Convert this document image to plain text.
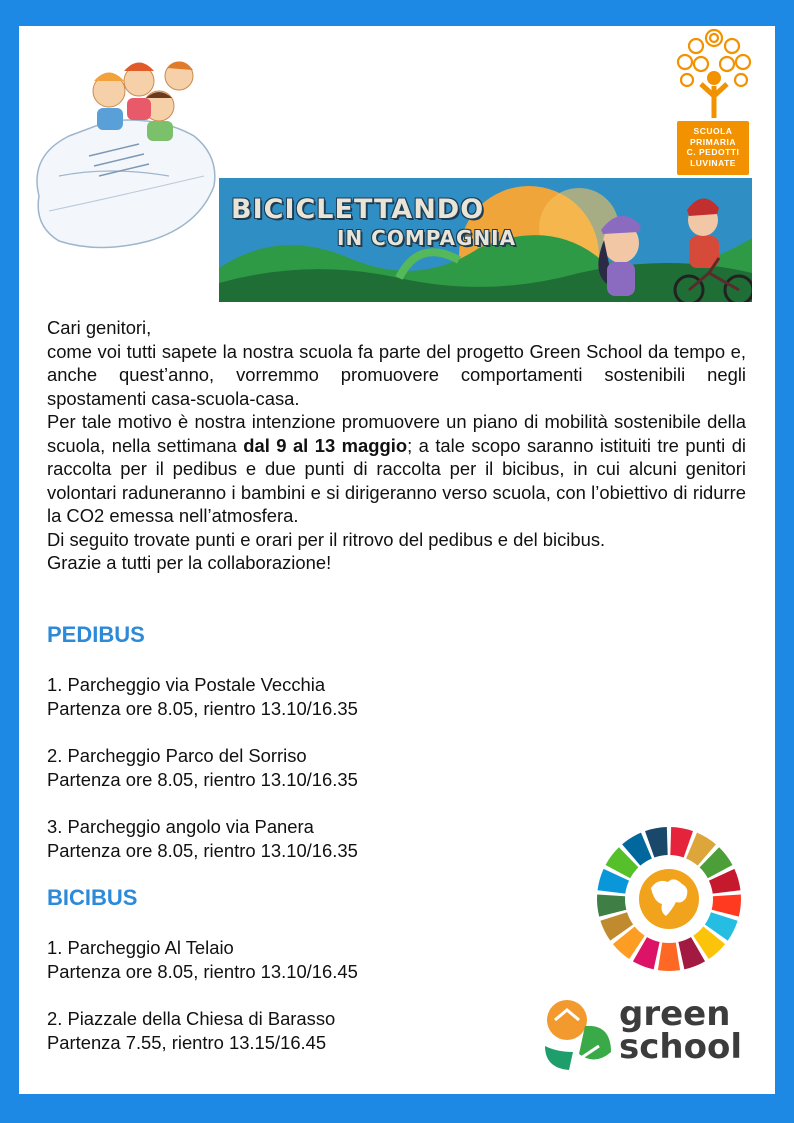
SCUOLA
PRIMARIA
C. PEDOTTI
LUVINATE
BICICLETTANDO
IN COMPAGNIA

Cari genitori,

come voi tutti sapete la nostra scuola fa parte del progetto Green School da tempo e, anche quest’anno, vorremmo promuovere comportamenti sostenibili negli spostamenti casa-scuola-casa.

Per tale motivo è nostra intenzione promuovere un piano di mobilità sostenibile della scuola, nella settimana dal 9 al 13 maggio; a tale scopo saranno istituiti tre punti di raccolta per il pedibus e due punti di raccolta per il bicibus, in cui alcuni genitori volontari raduneranno i bambini e si dirigeranno verso scuola, con l’obiettivo di ridurre la CO2 emessa nell’atmosfera.

Di seguito trovate punti e orari per il ritrovo del pedibus e del bicibus.

Grazie a tutti per la collaborazione!

PEDIBUS
1. Parcheggio via Postale Vecchia
Partenza ore 8.05, rientro 13.10/16.35
2. Parcheggio Parco del Sorriso
Partenza ore 8.05, rientro 13.10/16.35
3. Parcheggio angolo via Panera
Partenza ore 8.05, rientro 13.10/16.35
BICIBUS
1. Parcheggio Al Telaio
Partenza ore 8.05, rientro 13.10/16.45
2. Piazzale della Chiesa di Barasso
Partenza 7.55, rientro 13.15/16.45
green
school
